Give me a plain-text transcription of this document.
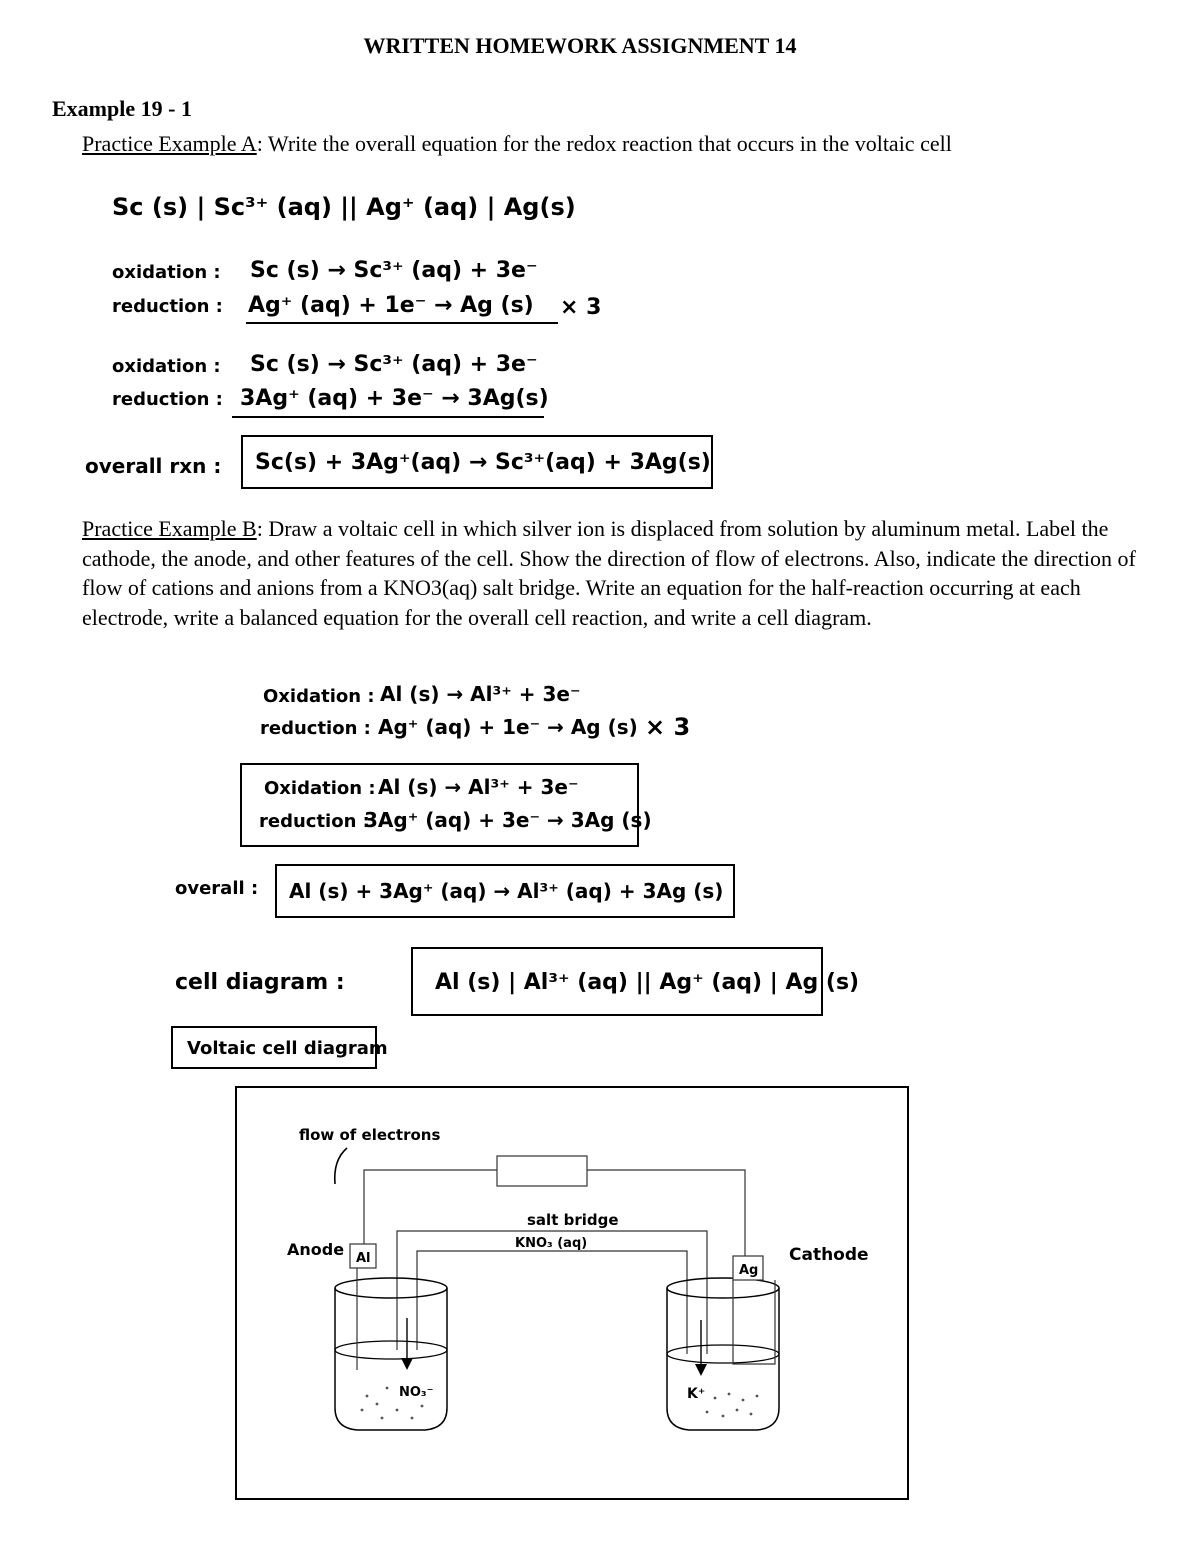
WRITTEN HOMEWORK ASSIGNMENT 14
Example 19 - 1
Practice Example A: Write the overall equation for the redox reaction that occurs in the voltaic cell
Sc (s) | Sc³⁺ (aq) || Ag⁺ (aq) | Ag(s)
oxidation : Sc (s) → Sc³⁺ (aq) + 3e⁻
reduction : Ag⁺ (aq) + 1e⁻ → Ag (s) × 3
oxidation : Sc (s) → Sc³⁺ (aq) + 3e⁻
reduction : 3Ag⁺ (aq) + 3e⁻ → 3Ag(s)
overall rxn : Sc(s) + 3Ag⁺(aq) → Sc³⁺(aq) + 3Ag(s)
Practice Example B: Draw a voltaic cell in which silver ion is displaced from solution by aluminum metal. Label the cathode, the anode, and other features of the cell. Show the direction of flow of electrons. Also, indicate the direction of flow of cations and anions from a KNO3(aq) salt bridge. Write an equation for the half-reaction occurring at each electrode, write a balanced equation for the overall cell reaction, and write a cell diagram.
Oxidation : Al (s) → Al³⁺ + 3e⁻
reduction : Ag⁺ (aq) + 1e⁻ → Ag (s) × 3
Oxidation : Al (s) → Al³⁺ + 3e⁻
reduction :
3Ag⁺ (aq) + 3e⁻ → 3Ag (s)
overall : Al (s) + 3Ag⁺ (aq) → Al³⁺ (aq) + 3Ag (s)
cell diagram :	Al (s) | Al³⁺ (aq) || Ag⁺ (aq) | Ag (s)
Voltaic cell diagram
flow of electrons
salt bridge
KNO₃ (aq)
Al
Anode
NO₃⁻
Ag
Cathode
K⁺
